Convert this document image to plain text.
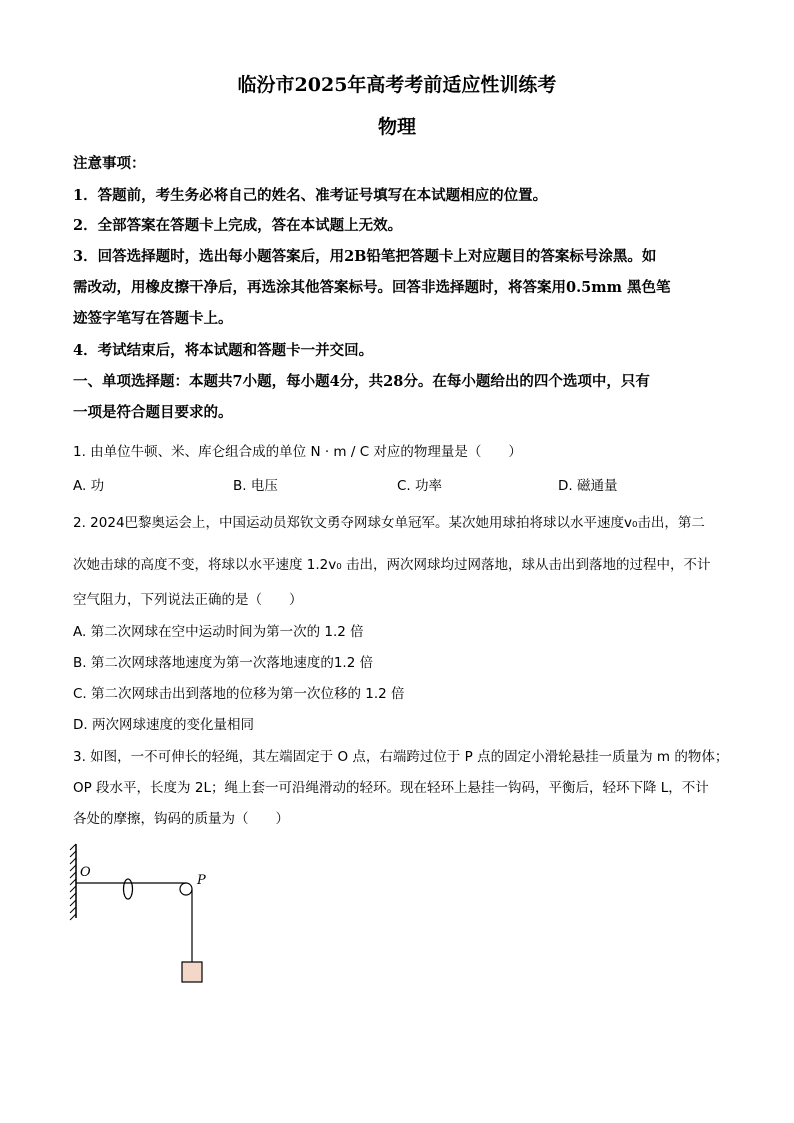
临汾市2025年高考考前适应性训练考
物理
注意事项：
1．答题前，考生务必将自己的姓名、准考证号填写在本试题相应的位置。
2．全部答案在答题卡上完成，答在本试题上无效。
3．回答选择题时，选出每小题答案后，用2B铅笔把答题卡上对应题目的答案标号涂黑。如
需改动，用橡皮擦干净后，再选涂其他答案标号。回答非选择题时，将答案用0.5mm 黑色笔
迹签字笔写在答题卡上。
4．考试结束后，将本试题和答题卡一并交回。
一、单项选择题：本题共7小题，每小题4分，共28分。在每小题给出的四个选项中，只有
一项是符合题目要求的。
1. 由单位牛顿、米、库仑组合成的单位 N · m / C 对应的物理量是（　　）
A. 功	B. 电压	C. 功率	D. 磁通量
2. 2024巴黎奥运会上，中国运动员郑钦文勇夺网球女单冠军。某次她用球拍将球以水平速度v₀击出，第二
次她击球的高度不变，将球以水平速度 1.2v₀ 击出，两次网球均过网落地，球从击出到落地的过程中，不计
空气阻力，下列说法正确的是（　　）
A. 第二次网球在空中运动时间为第一次的 1.2 倍
B. 第二次网球落地速度为第一次落地速度的1.2 倍
C. 第二次网球击出到落地的位移为第一次位移的 1.2 倍
D. 两次网球速度的变化量相同
3. 如图，一不可伸长的轻绳，其左端固定于 O 点，右端跨过位于 P 点的固定小滑轮悬挂一质量为 m 的物体；
OP 段水平，长度为 2L；绳上套一可沿绳滑动的轻环。现在轻环上悬挂一钩码，平衡后，轻环下降 L，不计
各处的摩擦，钩码的质量为（　　）
O
P
